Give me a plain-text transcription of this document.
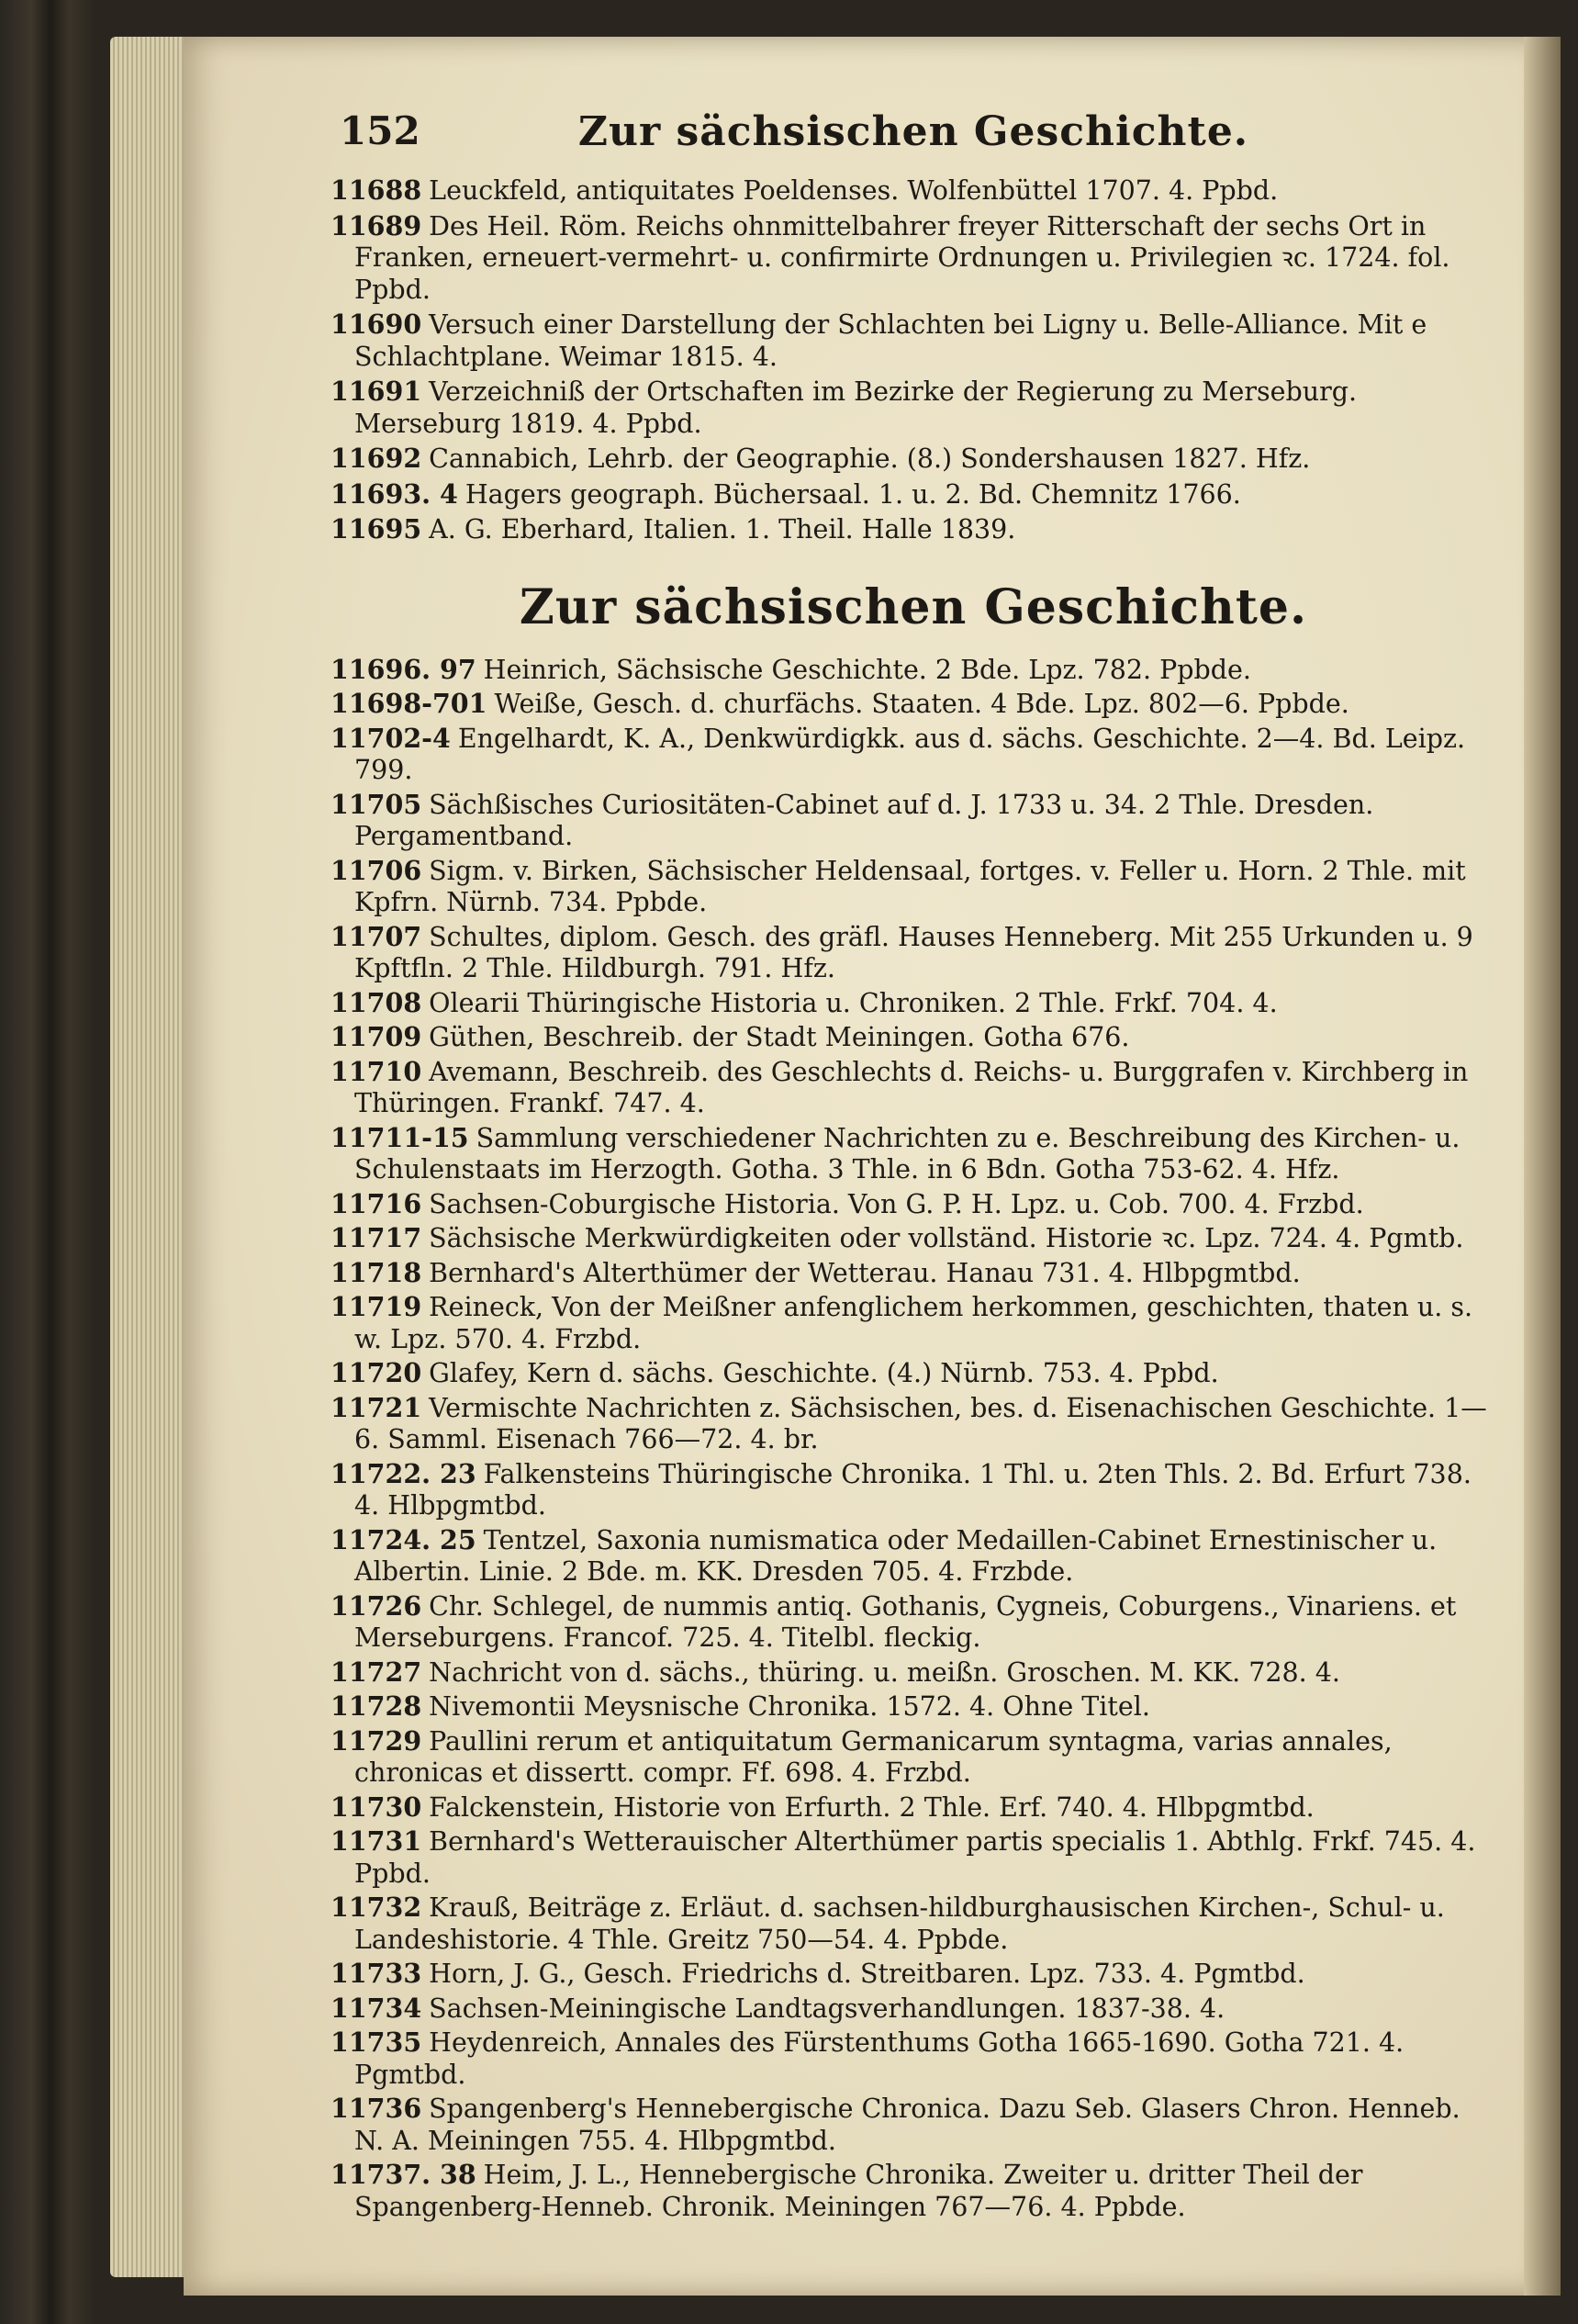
152	Zur sächsischen Geschichte.
11688 Leuckfeld, antiquitates Poeldenses. Wolfenbüttel 1707. 4. Ppbd.
11689 Des Heil. Röm. Reichs ohnmittelbahrer freyer Ritterschaft der sechs Ort in Franken, erneuert-vermehrt- u. confirmirte Ordnungen u. Privilegien ꝛc. 1724. fol. Ppbd.
11690 Versuch einer Darstellung der Schlachten bei Ligny u. Belle-Alliance. Mit e Schlachtplane. Weimar 1815. 4.
11691 Verzeichniß der Ortschaften im Bezirke der Regierung zu Merseburg. Merseburg 1819. 4. Ppbd.
11692 Cannabich, Lehrb. der Geographie. (8.) Sondershausen 1827. Hfz.
11693. 4 Hagers geograph. Büchersaal. 1. u. 2. Bd. Chemnitz 1766.
11695 A. G. Eberhard, Italien. 1. Theil. Halle 1839.
Zur sächsischen Geschichte.
11696. 97 Heinrich, Sächsische Geschichte. 2 Bde. Lpz. 782. Ppbde.
11698-701 Weiße, Gesch. d. churfächs. Staaten. 4 Bde. Lpz. 802—6. Ppbde.
11702-4 Engelhardt, K. A., Denkwürdigkk. aus d. sächs. Geschichte. 2—4. Bd. Leipz. 799.
11705 Sächßisches Curiositäten-Cabinet auf d. J. 1733 u. 34. 2 Thle. Dresden. Pergamentband.
11706 Sigm. v. Birken, Sächsischer Heldensaal, fortges. v. Feller u. Horn. 2 Thle. mit Kpfrn. Nürnb. 734. Ppbde.
11707 Schultes, diplom. Gesch. des gräfl. Hauses Henneberg. Mit 255 Urkunden u. 9 Kpftfln. 2 Thle. Hildburgh. 791. Hfz.
11708 Olearii Thüringische Historia u. Chroniken. 2 Thle. Frkf. 704. 4.
11709 Güthen, Beschreib. der Stadt Meiningen. Gotha 676.
11710 Avemann, Beschreib. des Geschlechts d. Reichs- u. Burggrafen v. Kirchberg in Thüringen. Frankf. 747. 4.
11711-15 Sammlung verschiedener Nachrichten zu e. Beschreibung des Kirchen- u. Schulenstaats im Herzogth. Gotha. 3 Thle. in 6 Bdn. Gotha 753-62. 4. Hfz.
11716 Sachsen-Coburgische Historia. Von G. P. H. Lpz. u. Cob. 700. 4. Frzbd.
11717 Sächsische Merkwürdigkeiten oder vollständ. Historie ꝛc. Lpz. 724. 4. Pgmtb.
11718 Bernhard's Alterthümer der Wetterau. Hanau 731. 4. Hlbpgmtbd.
11719 Reineck, Von der Meißner anfenglichem herkommen, geschichten, thaten u. s. w. Lpz. 570. 4. Frzbd.
11720 Glafey, Kern d. sächs. Geschichte. (4.) Nürnb. 753. 4. Ppbd.
11721 Vermischte Nachrichten z. Sächsischen, bes. d. Eisenachischen Geschichte. 1—6. Samml. Eisenach 766—72. 4. br.
11722. 23 Falkensteins Thüringische Chronika. 1 Thl. u. 2ten Thls. 2. Bd. Erfurt 738. 4. Hlbpgmtbd.
11724. 25 Tentzel, Saxonia numismatica oder Medaillen-Cabinet Ernestinischer u. Albertin. Linie. 2 Bde. m. KK. Dresden 705. 4. Frzbde.
11726 Chr. Schlegel, de nummis antiq. Gothanis, Cygneis, Coburgens., Vinariens. et Merseburgens. Francof. 725. 4. Titelbl. fleckig.
11727 Nachricht von d. sächs., thüring. u. meißn. Groschen. M. KK. 728. 4.
11728 Nivemontii Meysnische Chronika. 1572. 4. Ohne Titel.
11729 Paullini rerum et antiquitatum Germanicarum syntagma, varias annales, chronicas et dissertt. compr. Ff. 698. 4. Frzbd.
11730 Falckenstein, Historie von Erfurth. 2 Thle. Erf. 740. 4. Hlbpgmtbd.
11731 Bernhard's Wetterauischer Alterthümer partis specialis 1. Abthlg. Frkf. 745. 4. Ppbd.
11732 Krauß, Beiträge z. Erläut. d. sachsen-hildburghausischen Kirchen-, Schul- u. Landeshistorie. 4 Thle. Greitz 750—54. 4. Ppbde.
11733 Horn, J. G., Gesch. Friedrichs d. Streitbaren. Lpz. 733. 4. Pgmtbd.
11734 Sachsen-Meiningische Landtagsverhandlungen. 1837-38. 4.
11735 Heydenreich, Annales des Fürstenthums Gotha 1665-1690. Gotha 721. 4. Pgmtbd.
11736 Spangenberg's Hennebergische Chronica. Dazu Seb. Glasers Chron. Henneb. N. A. Meiningen 755. 4. Hlbpgmtbd.
11737. 38 Heim, J. L., Hennebergische Chronika. Zweiter u. dritter Theil der Spangenberg-Henneb. Chronik. Meiningen 767—76. 4. Ppbde.
